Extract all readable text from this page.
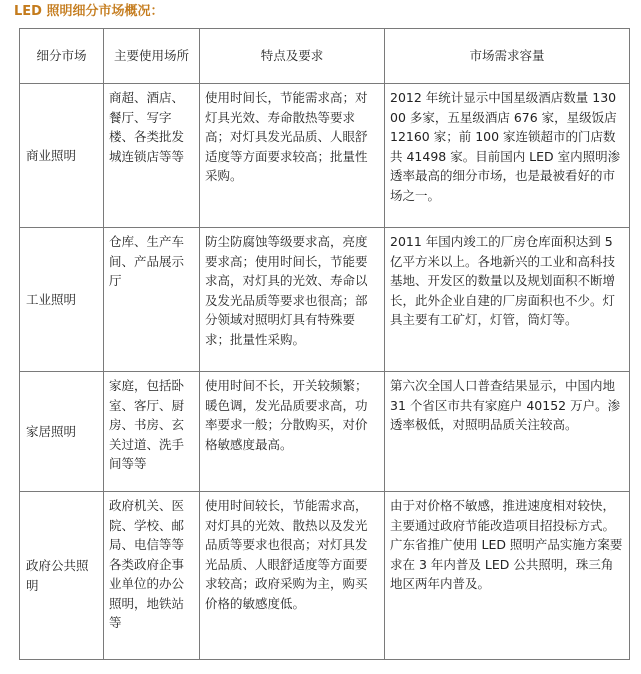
LED 照明细分市场概况：
细分市场	主要使用场所	特点及要求	市场需求容量
商业照明	商超、酒店、餐厅、写字楼、各类批发城连锁店等等	使用时间长，节能需求高；对灯具光效、寿命散热等要求高；对灯具发光品质、人眼舒适度等方面要求较高；批量性采购。	2012 年统计显示中国星级酒店数量 13000 多家，五星级酒店 676 家，星级饭店 12160 家；前 100 家连锁超市的门店数共 41498 家。目前国内 LED 室内照明渗透率最高的细分市场，也是最被看好的市场之一。
工业照明	仓库、生产车间、产品展示厅	防尘防腐蚀等级要求高，亮度要求高；使用时间长，节能要求高，对灯具的光效、寿命以及发光品质等要求也很高；部分领域对照明灯具有特殊要求；批量性采购。	2011 年国内竣工的厂房仓库面积达到 5 亿平方米以上。各地新兴的工业和高科技基地、开发区的数量以及规划面积不断增长，此外企业自建的厂房面积也不少。灯具主要有工矿灯，灯管，筒灯等。
家居照明	家庭，包括卧室、客厅、厨房、书房、玄关过道、洗手间等等	使用时间不长，开关较频繁；暖色调，发光品质要求高，功率要求一般；分散购买，对价格敏感度最高。	第六次全国人口普查结果显示，中国内地 31 个省区市共有家庭户 40152 万户。渗透率极低，对照明品质关注较高。
政府公共照明	政府机关、医院、学校、邮局、电信等等各类政府企事业单位的办公照明，地铁站等	使用时间较长，节能需求高，对灯具的光效、散热以及发光品质等要求也很高；对灯具发光品质、人眼舒适度等方面要求较高；政府采购为主，购买价格的敏感度低。	由于对价格不敏感，推进速度相对较快，主要通过政府节能改造项目招投标方式。广东省推广使用 LED 照明产品实施方案要求在 3 年内普及 LED 公共照明，珠三角地区两年内普及。
